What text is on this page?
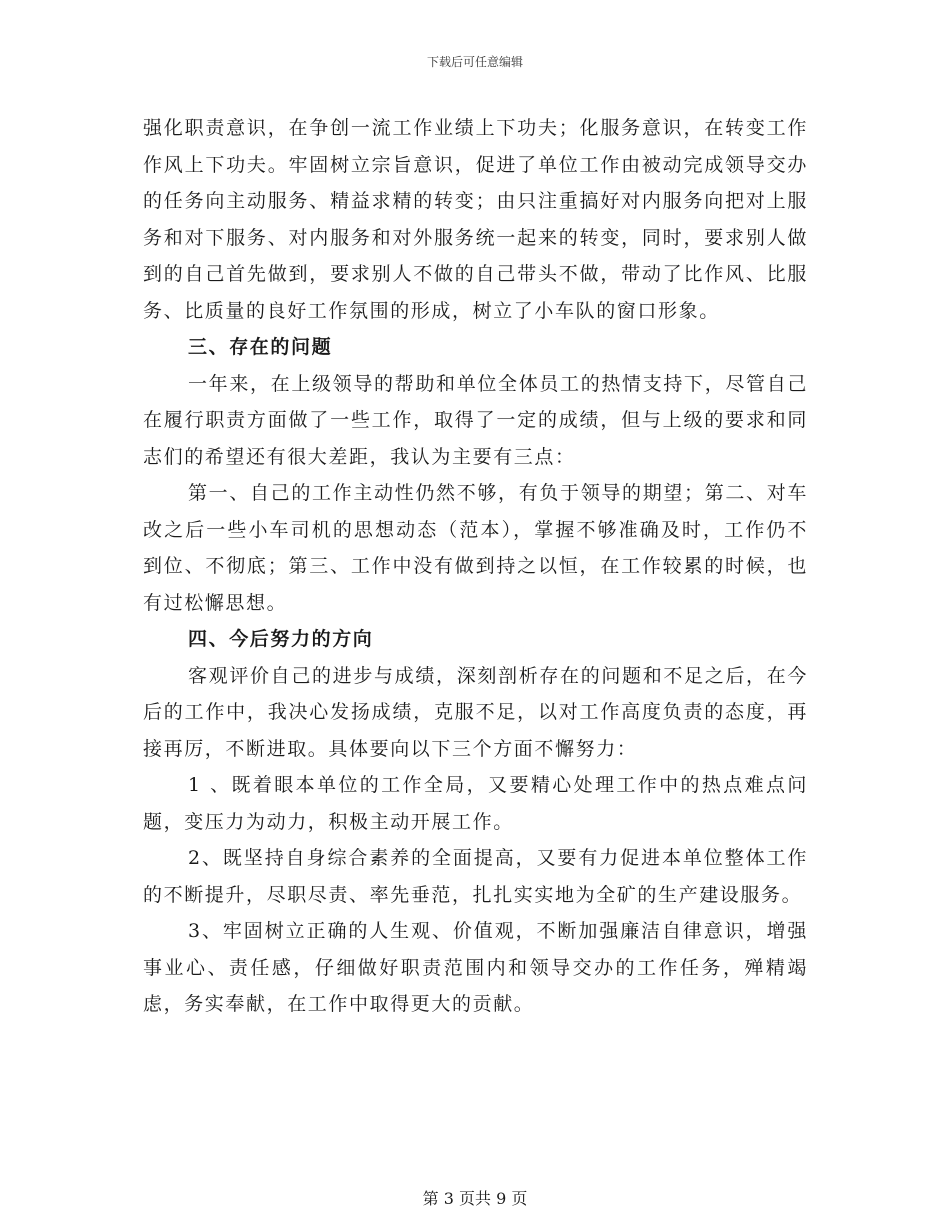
下载后可任意编辑

强化职责意识，在争创一流工作业绩上下功夫；化服务意识，在转变工作作风上下功夫。牢固树立宗旨意识，促进了单位工作由被动完成领导交办的任务向主动服务、精益求精的转变；由只注重搞好对内服务向把对上服务和对下服务、对内服务和对外服务统一起来的转变，同时，要求别人做到的自己首先做到，要求别人不做的自己带头不做，带动了比作风、比服务、比质量的良好工作氛围的形成，树立了小车队的窗口形象。

三、存在的问题

一年来，在上级领导的帮助和单位全体员工的热情支持下，尽管自己在履行职责方面做了一些工作，取得了一定的成绩，但与上级的要求和同志们的希望还有很大差距，我认为主要有三点：

第一、自己的工作主动性仍然不够，有负于领导的期望；第二、对车改之后一些小车司机的思想动态（范本），掌握不够准确及时，工作仍不到位、不彻底；第三、工作中没有做到持之以恒，在工作较累的时候，也有过松懈思想。

四、今后努力的方向

客观评价自己的进步与成绩，深刻剖析存在的问题和不足之后，在今后的工作中，我决心发扬成绩，克服不足，以对工作高度负责的态度，再接再厉，不断进取。具体要向以下三个方面不懈努力：

1 、既着眼本单位的工作全局，又要精心处理工作中的热点难点问题，变压力为动力，积极主动开展工作。

2、既坚持自身综合素养的全面提高，又要有力促进本单位整体工作的不断提升，尽职尽责、率先垂范，扎扎实实地为全矿的生产建设服务。

3、牢固树立正确的人生观、价值观，不断加强廉洁自律意识，增强事业心、责任感，仔细做好职责范围内和领导交办的工作任务，殚精竭虑，务实奉献，在工作中取得更大的贡献。

第 3 页共 9 页
